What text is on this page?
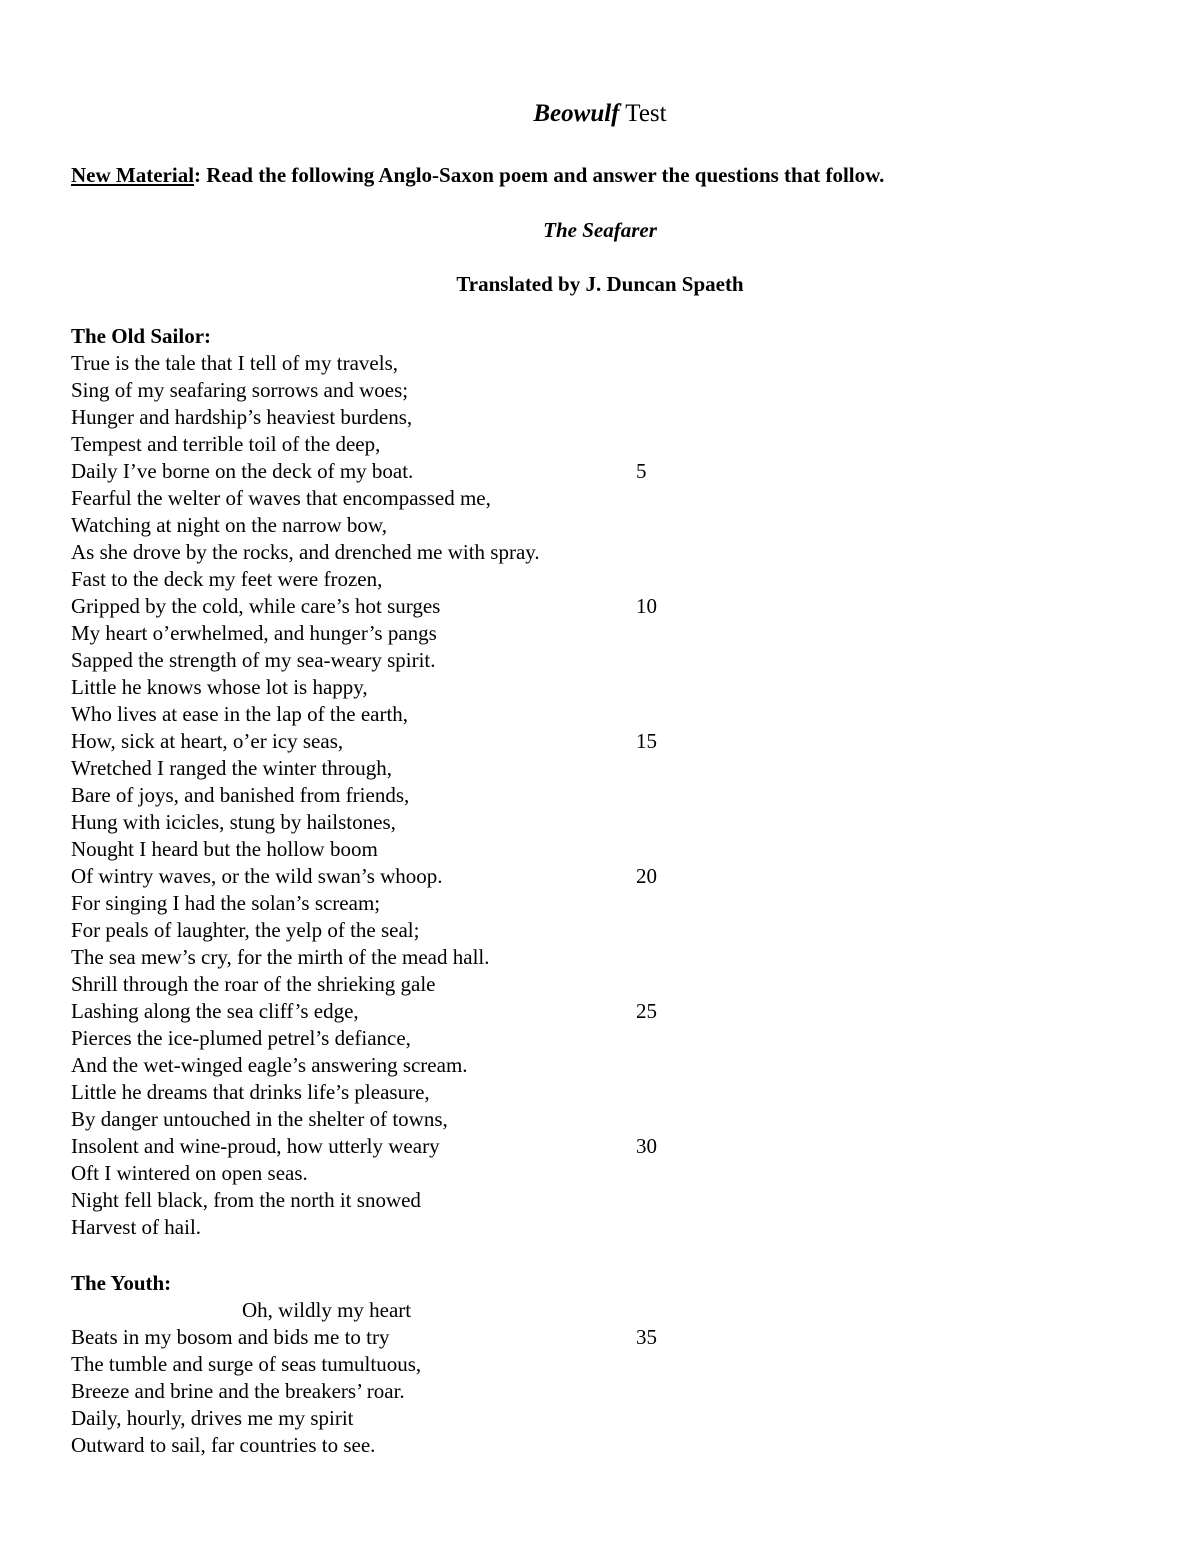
Beowulf Test
New Material: Read the following Anglo-Saxon poem and answer the questions that follow.
The Seafarer
Translated by J. Duncan Spaeth
The Old Sailor:
True is the tale that I tell of my travels,
Sing of my seafaring sorrows and woes;
Hunger and hardship’s heaviest burdens,
Tempest and terrible toil of the deep,
Daily I’ve borne on the deck of my boat.	5
Fearful the welter of waves that encompassed me,
Watching at night on the narrow bow,
As she drove by the rocks, and drenched me with spray.
Fast to the deck my feet were frozen,
Gripped by the cold, while care’s hot surges	10
My heart o’erwhelmed, and hunger’s pangs
Sapped the strength of my sea-weary spirit.
Little he knows whose lot is happy,
Who lives at ease in the lap of the earth,
How, sick at heart, o’er icy seas,	15
Wretched I ranged the winter through,
Bare of joys, and banished from friends,
Hung with icicles, stung by hailstones,
Nought I heard but the hollow boom
Of wintry waves, or the wild swan’s whoop.	20
For singing I had the solan’s scream;
For peals of laughter, the yelp of the seal;
The sea mew’s cry, for the mirth of the mead hall.
Shrill through the roar of the shrieking gale
Lashing along the sea cliff’s edge,	25
Pierces the ice-plumed petrel’s defiance,
And the wet-winged eagle’s answering scream.
Little he dreams that drinks life’s pleasure,
By danger untouched in the shelter of towns,
Insolent and wine-proud, how utterly weary	30
Oft I wintered on open seas.
Night fell black, from the north it snowed
Harvest of hail.
The Youth:
Oh, wildly my heart
Beats in my bosom and bids me to try	35
The tumble and surge of seas tumultuous,
Breeze and brine and the breakers’ roar.
Daily, hourly, drives me my spirit
Outward to sail, far countries to see.
